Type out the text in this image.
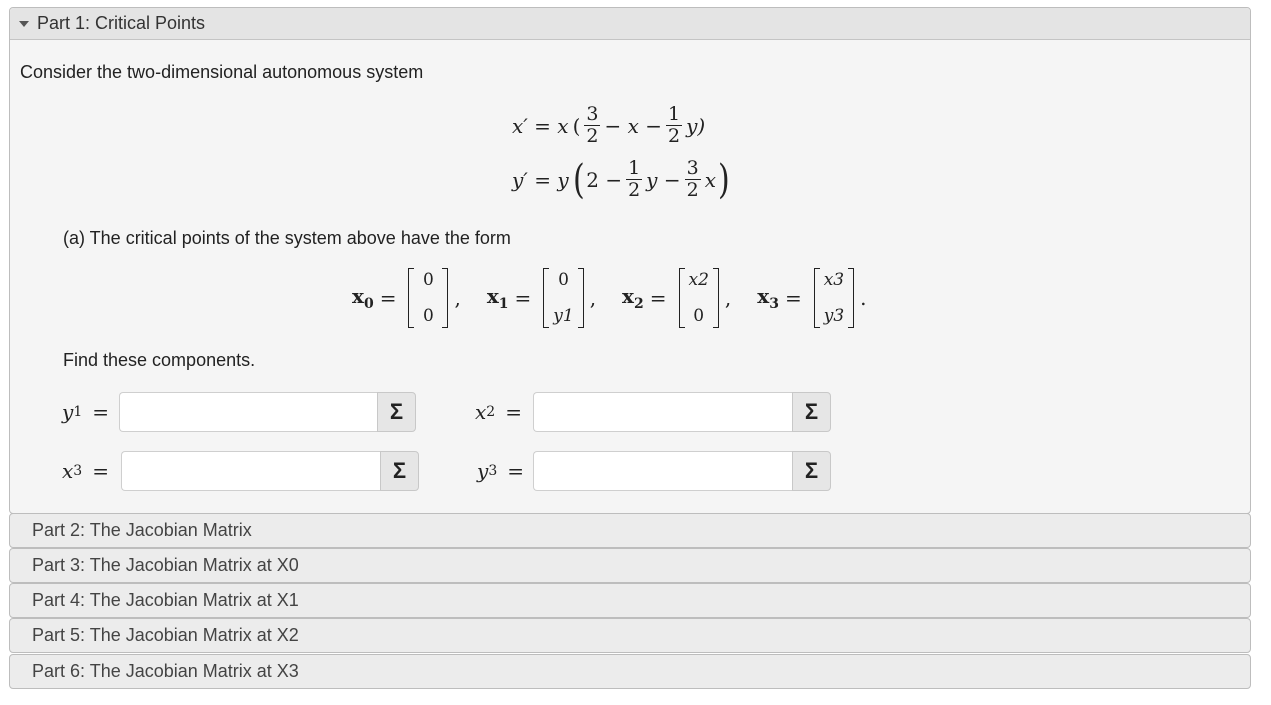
Part 1: Critical Points
Consider the two-dimensional autonomous system
x′ = x ( $\frac{3}{2} - x - \frac{1}{2} y$)
y′ = y ( $2 - \frac{1}{2}$ $y - \frac{3}{2}$ x )
(a) The critical points of the system above have the form
$x_0$ =
0
0
, $x_1$ =
0
y1
, $x_2$ =
x2
0
, $x_3$ =
x3
y3
.
Find these components.
y 1 =	Σ	x 2 =	Σ
x 3 =	Σ	y 3 =	Σ
Part 2: The Jacobian Matrix
Part 3: The Jacobian Matrix at X0
Part 4: The Jacobian Matrix at X1
Part 5: The Jacobian Matrix at X2
Part 6: The Jacobian Matrix at X3
